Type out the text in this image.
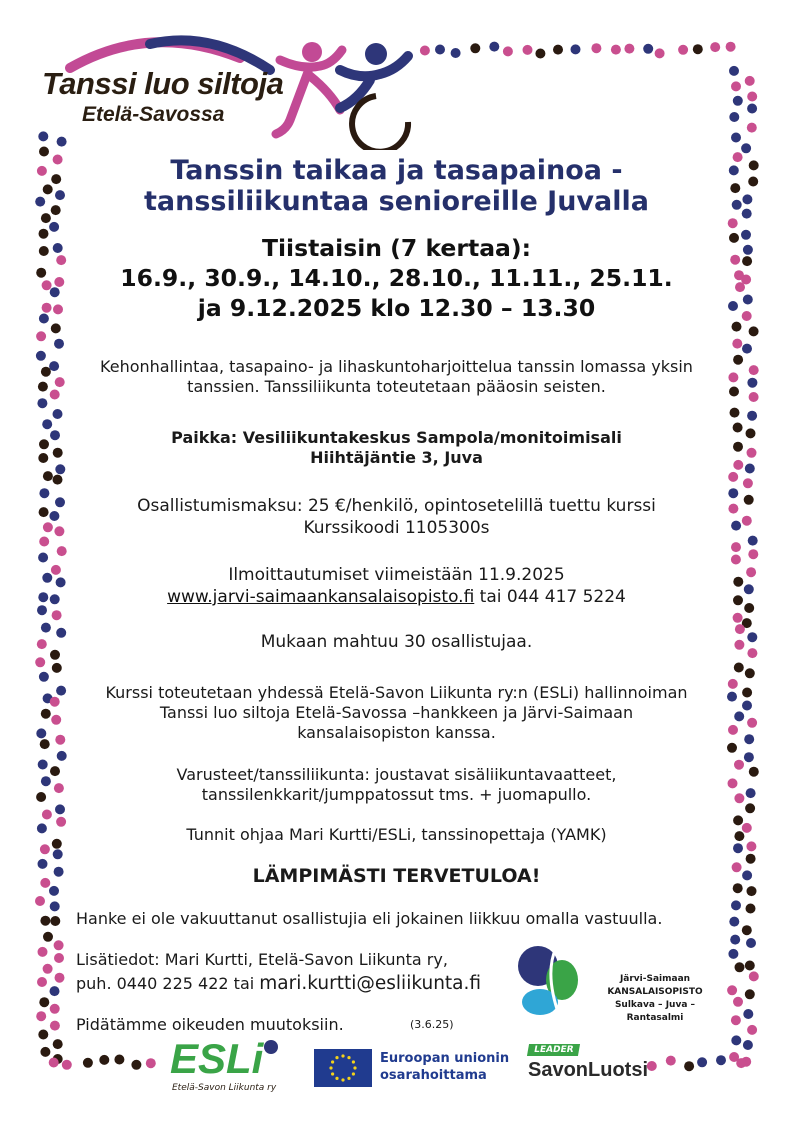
Tanssi luo siltoja
Etelä-Savossa
Tanssin taikaa ja tasapainoa -
tanssiliikuntaa senioreille Juvalla
Tiistaisin (7 kertaa):
16.9., 30.9., 14.10., 28.10., 11.11., 25.11.
ja 9.12.2025 klo 12.30 – 13.30
Kehonhallintaa, tasapaino- ja lihaskuntoharjoittelua tanssin lomassa yksin
tanssien. Tanssiliikunta toteutetaan pääosin seisten.
Paikka: Vesiliikuntakeskus Sampola/monitoimisali
Hiihtäjäntie 3, Juva
Osallistumismaksu: 25 €/henkilö, opintosetelillä tuettu kurssi
Kurssikoodi 1105300s
Ilmoittautumiset viimeistään 11.9.2025
www.jarvi-saimaankansalaisopisto.fi tai 044 417 5224
Mukaan mahtuu 30 osallistujaa.
Kurssi toteutetaan yhdessä Etelä-Savon Liikunta ry:n (ESLi) hallinnoiman
Tanssi luo siltoja Etelä-Savossa –hankkeen ja Järvi-Saimaan
kansalaisopiston kanssa.
Varusteet/tanssiliikunta: joustavat sisäliikuntavaatteet,
tanssilenkkarit/jumppatossut tms. + juomapullo.
Tunnit ohjaa Mari Kurtti/ESLi, tanssinopettaja (YAMK)
LÄMPIMÄSTI TERVETULOA!
Hanke ei ole vakuuttanut osallistujia eli jokainen liikkuu omalla vastuulla.
Lisätiedot: Mari Kurtti, Etelä-Savon Liikunta ry,
puh. 0440 225 422 tai mari.kurtti@esliikunta.fi
Pidätämme oikeuden muutoksiin.	(3.6.25)
Järvi-Saimaan
KANSALAISOPISTO
Sulkava – Juva – Rantasalmi
ESLi
Etelä-Savon Liikunta ry
Euroopan unionin
osarahoittama
LEADER
SavonLuotsi
